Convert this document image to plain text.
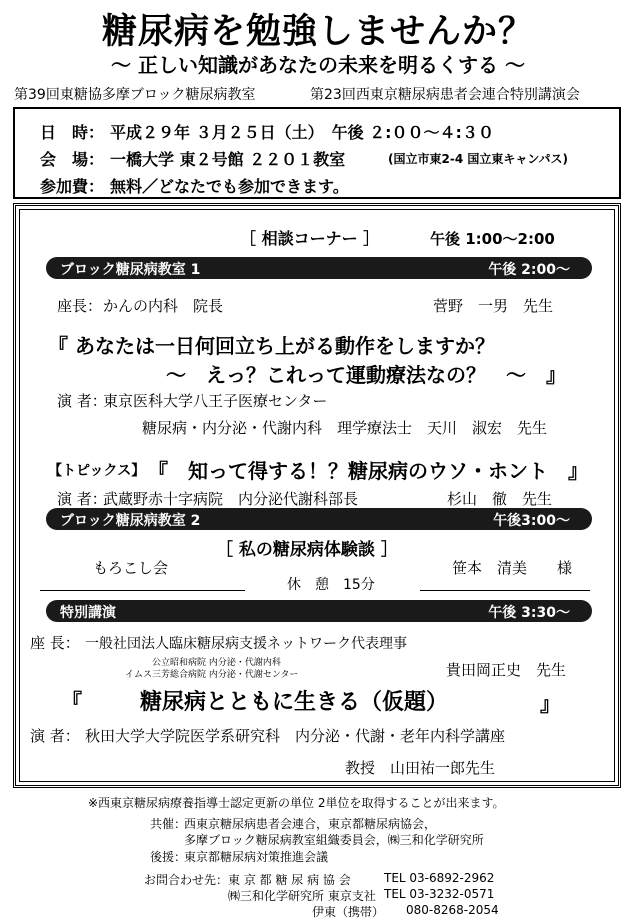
糖尿病を勉強しませんか？
～ 正しい知識があなたの未来を明るくする ～
第39回東糖協多摩ブロック糖尿病教室	第23回西東京糖尿病患者会連合特別講演会
日　時： 平成２９年 ３月２５日（土）　午後 ２:００～４:３０
会　場： 一橋大学 東２号館 ２２０１教室	(国立市東2-4 国立東キャンパス)
参加費： 無料／どなたでも参加できます。
［ 相談コーナー ］	午後 1:00～2:00
ブロック糖尿病教室 1	午後 2:00～
座長： かんの内科　院長	菅野　一男　先生
『 あなたは一日何回立ち上がる動作をしますか？
～　えっ？これって運動療法なの？　～　』
演 者：
東京医科大学八王子医療センター
糖尿病・内分泌・代謝内科　理学療法士　天川　淑宏　先生
【トピックス】 『　知って得する！？糖尿病のウソ・ホント　』
演 者：
武蔵野赤十字病院　内分泌代謝科部長	杉山　徹　先生
ブロック糖尿病教室 2	午後3:00～
［ 私の糖尿病体験談 ］
もろこし会	笹本　清美　　様
休　憩　15分
特別講演	午後 3:30～
座 長： 一般社団法人臨床糖尿病支援ネットワーク代表理事
公立昭和病院 内分泌・代謝内科
イムス三芳総合病院 内分泌・代謝センター	貴田岡正史　先生
『	糖尿病とともに生きる（仮題）	』
演 者： 秋田大学大学院医学系研究科　内分泌・代謝・老年内科学講座
教授　山田祐一郎先生
※西東京糖尿病療養指導士認定更新の単位 2単位を取得することが出来ます。
共催：
西東京糖尿病患者会連合，東京都糖尿病協会，
多摩ブロック糖尿病教室組織委員会，㈱三和化学研究所
後援：
東京都糖尿病対策推進会議
お問合わせ先： 東 京 都 糖 尿 病 協 会	TEL 03-6892-2962
㈱三和化学研究所 東京支社 TEL 03-3232-0571
伊東（携帯） 080-8268-2054
